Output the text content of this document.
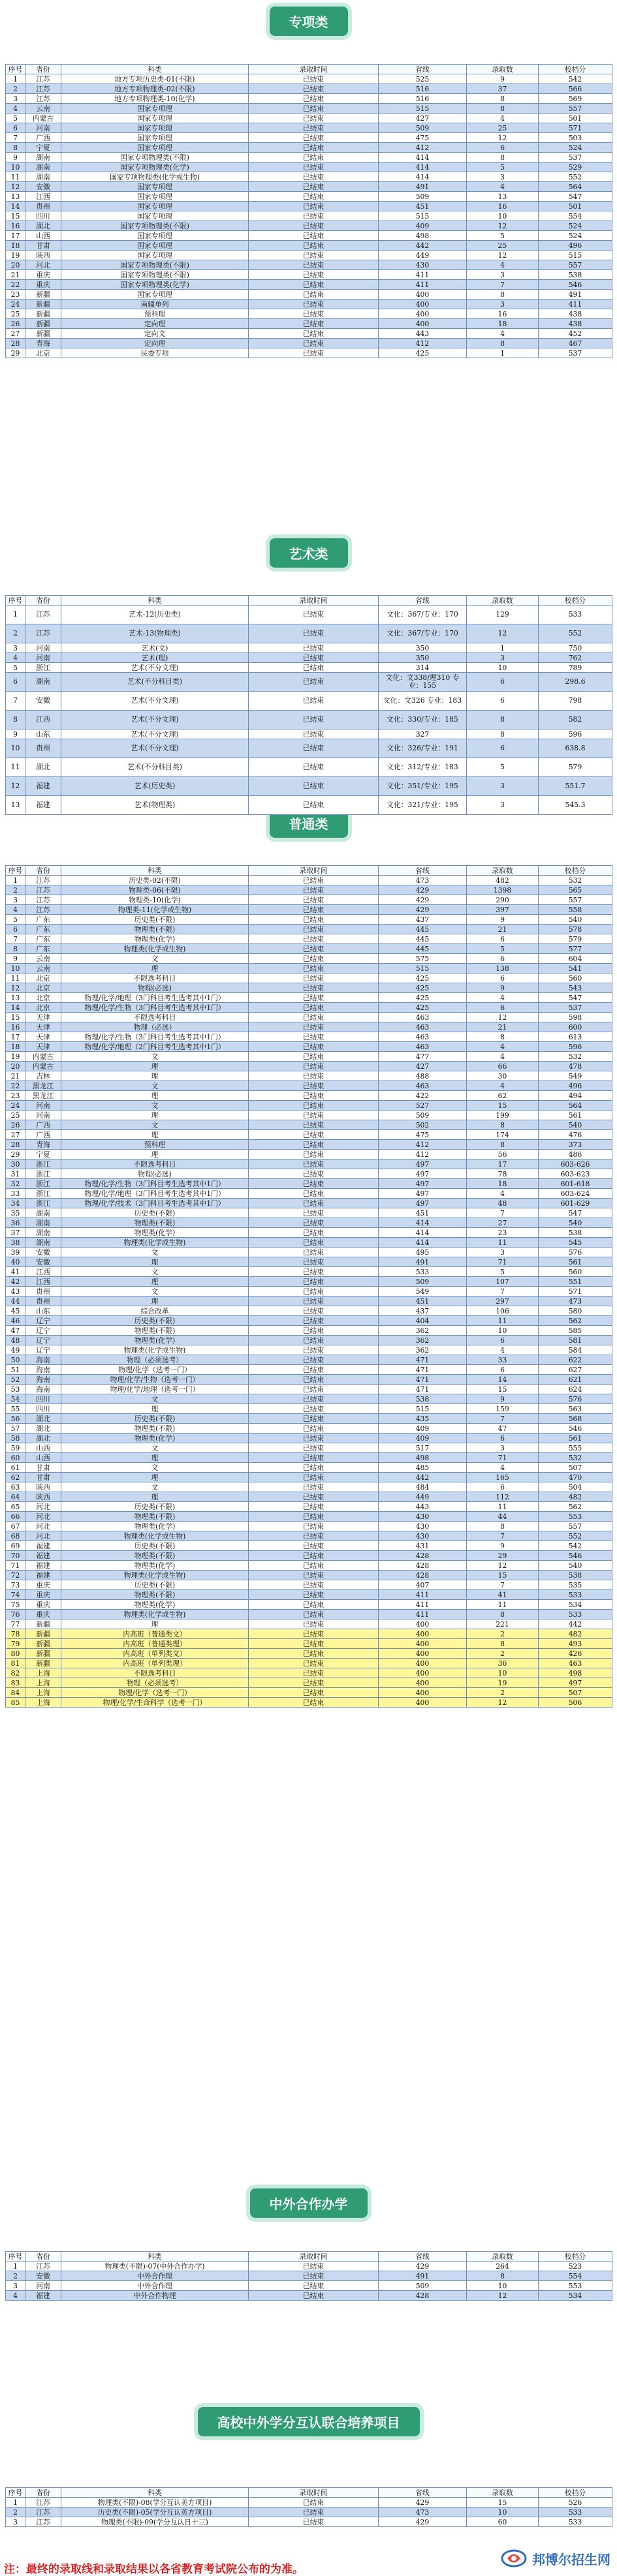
专项类
艺术类
普通类
中外合作办学
高校中外学分互认联合培养项目
序号	省份	科类	录取时间	省线	录取数	校档分
1	江苏	地方专项历史类-01(不限)	已结束	525	9	542
2	江苏	地方专项物理类-02(不限)	已结束	516	37	566
3	江苏	地方专项物理类-10(化学)	已结束	516	8	569
4	云南	国家专项理	已结束	515	8	557
5	内蒙古	国家专项理	已结束	427	4	501
6	河南	国家专项理	已结束	509	25	571
7	广西	国家专项理	已结束	475	12	503
8	宁夏	国家专项理	已结束	412	6	524
9	湖南	国家专项物理类(不限)	已结束	414	8	537
10	湖南	国家专项物理类(化学)	已结束	414	5	529
11	湖南	国家专项物理类(化学或生物)	已结束	414	3	552
12	安徽	国家专项理	已结束	491	4	564
13	江西	国家专项理	已结束	509	13	547
14	贵州	国家专项理	已结束	451	16	501
15	四川	国家专项理	已结束	515	10	554
16	湖北	国家专项物理类(不限)	已结束	409	12	524
17	山西	国家专项理	已结束	498	5	524
18	甘肃	国家专项理	已结束	442	25	496
19	陕西	国家专项理	已结束	449	12	515
20	河北	国家专项物理类(不限)	已结束	430	4	557
21	重庆	国家专项物理类(不限)	已结束	411	3	538
22	重庆	国家专项物理类(化学)	已结束	411	7	546
23	新疆	国家专项理	已结束	400	8	491
24	新疆	南疆单列	已结束	400	3	411
25	新疆	预科理	已结束	400	16	438
26	新疆	定向理	已结束	400	18	438
27	新疆	定向文	已结束	443	4	452
28	青海	定向理	已结束	412	8	467
29	北京	民委专项	已结束	425	1	537
序号	省份	科类	录取时间	省线	录取数	校档分
1	江苏	艺术-12(历史类)	已结束	文化：367/专业：170	129	533
2	江苏	艺术-13(物理类)	已结束	文化：367/专业：170	12	552
3	河南	艺术(文)	已结束	350	1	750
4	河南	艺术(理)	已结束	350	3	762
5	浙江	艺术(不分文理)	已结束	314	10	789
6	湖南	艺术(不分科目类)	已结束	文化：文338/理310 专业：155	6	298.6
7	安徽	艺术(不分文理)	已结束	文化：文326 专业：183	6	798
8	江西	艺术(不分文理)	已结束	文化：330/专业：185	8	582
9	山东	艺术(不分文理)	已结束	327	8	596
10	贵州	艺术(不分文理)	已结束	文化：326/专业：191	6	638.8
11	湖北	艺术(不分科目类)	已结束	文化：312/专业：183	5	579
12	福建	艺术(历史类)	已结束	文化：351/专业：195	3	551.7
13	福建	艺术(物理类)	已结束	文化：321/专业：195	3	545.3
序号	省份	科类	录取时间	省线	录取数	校档分
1	江苏	历史类-02(不限)	已结束	473	482	532
2	江苏	物理类-06(不限)	已结束	429	1398	565
3	江苏	物理类-10(化学)	已结束	429	290	557
4	江苏	物理类-11(化学或生物)	已结束	429	397	558
5	广东	历史类(不限)	已结束	437	9	540
6	广东	物理类(不限)	已结束	445	21	578
7	广东	物理类(化学)	已结束	445	6	579
8	广东	物理类(化学或生物)	已结束	445	5	577
9	云南	文	已结束	575	6	604
10	云南	理	已结束	515	138	541
11	北京	不限选考科目	已结束	425	6	560
12	北京	物理(必选)	已结束	425	9	543
13	北京	物理/化学/地理（3门科目考生选考其中1门）	已结束	425	4	547
14	北京	物理/化学/生物（3门科目考生选考其中1门）	已结束	425	6	537
15	天津	不限选考科目	已结束	463	12	598
16	天津	物理（必选）	已结束	463	21	600
17	天津	物理/化学/生物（3门科目考生选考其中1门）	已结束	463	8	613
18	天津	物理/化学/地理（2门科目考生选考其中1门）	已结束	463	4	596
19	内蒙古	文	已结束	477	4	532
20	内蒙古	理	已结束	427	66	478
21	吉林	理	已结束	488	30	549
22	黑龙江	文	已结束	463	4	496
23	黑龙江	理	已结束	422	62	494
24	河南	文	已结束	527	15	564
25	河南	理	已结束	509	199	561
26	广西	文	已结束	502	8	540
27	广西	理	已结束	475	174	476
28	青海	预科理	已结束	412	8	373
29	宁夏	理	已结束	412	56	486
30	浙江	不限选考科目	已结束	497	17	603-626
31	浙江	物理(必选)	已结束	497	78	603-623
32	浙江	物理/化学/生物（3门科目考生选考其中1门）	已结束	497	18	601-618
33	浙江	物理/化学/地理（3门科目考生选考其中1门）	已结束	497	4	603-624
34	浙江	物理/化学/技术（3门科目考生选考其中1门）	已结束	497	48	601-629
35	湖南	历史类(不限)	已结束	451	7	547
36	湖南	物理类(不限)	已结束	414	27	540
37	湖南	物理类(化学)	已结束	414	23	538
38	湖南	物理类(化学或生物)	已结束	414	11	545
39	安徽	文	已结束	495	3	576
40	安徽	理	已结束	491	71	561
41	江西	文	已结束	533	5	560
42	江西	理	已结束	509	107	551
43	贵州	文	已结束	549	7	571
44	贵州	理	已结束	451	297	473
45	山东	综合改革	已结束	437	106	580
46	辽宁	历史类(不限)	已结束	404	11	562
47	辽宁	物理类(不限)	已结束	362	10	585
48	辽宁	物理类(化学)	已结束	362	6	581
49	辽宁	物理类(化学或生物)	已结束	362	4	584
50	海南	物理（必须选考）	已结束	471	33	622
51	海南	物理/化学（选考一门）	已结束	471	6	627
52	海南	物理/化学/生物（选考一门）	已结束	471	14	621
53	海南	物理/化学/地理（选考一门）	已结束	471	15	624
54	四川	文	已结束	538	9	576
55	四川	理	已结束	515	159	563
56	湖北	历史类(不限)	已结束	435	7	568
57	湖北	物理类(不限)	已结束	409	47	546
58	湖北	物理类(化学)	已结束	409	6	561
59	山西	文	已结束	517	3	555
60	山西	理	已结束	498	71	532
61	甘肃	文	已结束	485	4	507
62	甘肃	理	已结束	442	165	470
63	陕西	文	已结束	484	6	504
64	陕西	理	已结束	449	112	482
65	河北	历史类(不限)	已结束	443	11	562
66	河北	物理类(不限)	已结束	430	44	553
67	河北	物理类(化学)	已结束	430	8	557
68	河北	物理类(化学或生物)	已结束	430	7	552
69	福建	历史类(不限)	已结束	431	9	542
70	福建	物理类(不限)	已结束	428	29	546
71	福建	物理类(化学)	已结束	428	12	540
72	福建	物理类(化学或生物)	已结束	428	15	538
73	重庆	历史类(不限)	已结束	407	7	535
74	重庆	物理类(不限)	已结束	411	41	533
75	重庆	物理类(化学)	已结束	411	11	534
76	重庆	物理类(化学或生物)	已结束	411	8	533
77	新疆	理	已结束	400	221	442
78	新疆	内高班（普通类文）	已结束	400	2	482
79	新疆	内高班（普通类理）	已结束	400	8	493
80	新疆	内高班（单列类文）	已结束	400	2	426
81	新疆	内高班（单列类理）	已结束	400	36	463
82	上海	不限选考科目	已结束	400	10	498
83	上海	物理（必须选考）	已结束	400	19	497
84	上海	物理/化学（选考一门）	已结束	400	2	507
85	上海	物理/化学/生命科学（选考一门）	已结束	400	12	506
序号	省份	科类	录取时间	省线	录取数	校档分
1	江苏	物理类(不限)-07(中外合作办学)	已结束	429	264	523
2	安徽	中外合作理	已结束	491	8	554
3	河南	中外合作理	已结束	509	10	553
4	福建	中外合作物理	已结束	428	12	534
序号	省份	科类	录取时间	省线	录取数	校档分
1	江苏	物理类(不限)-08(学分互认美方项目)	已结束	429	15	526
2	江苏	历史类(不限)-05(学分互认英方项目)	已结束	473	10	533
3	江苏	物理类(不限)-09(学分互认日十三)	已结束	429	60	533
注：最终的录取线和录取结果以各省教育考试院公布的为准。
邦博尔招生网
